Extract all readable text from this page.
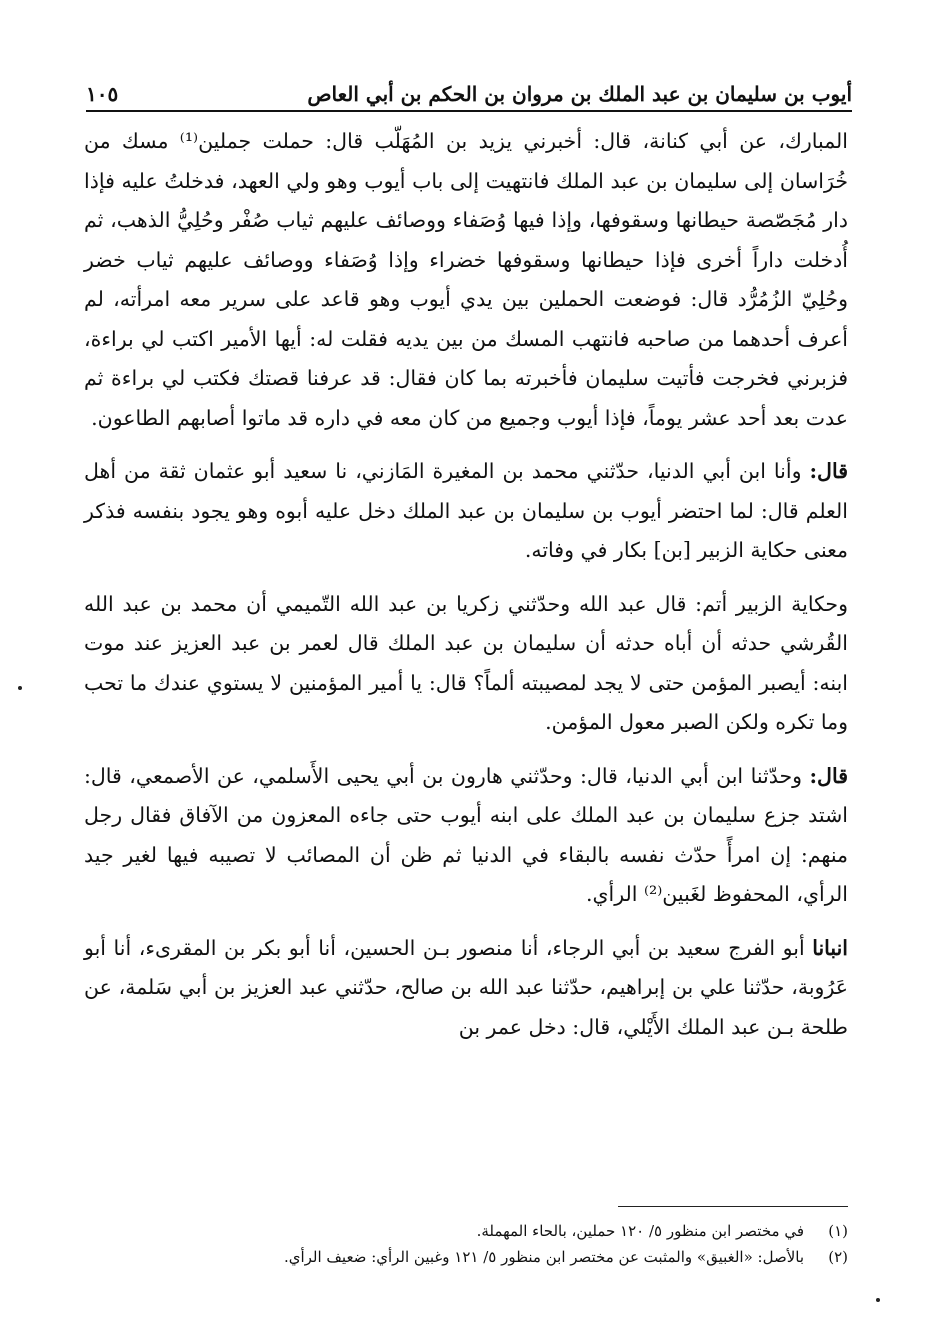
أيوب بن سليمان بن عبد الملك بن مروان بن الحكم بن أبي العاص
١٠٥

المبارك، عن أبي كنانة، قال: أخبرني يزيد بن المُهَلّب قال: حملت جملين⁽¹⁾ مسك من خُرَاسان إلى سليمان بن عبد الملك فانتهيت إلى باب أيوب وهو ولي العهد، فدخلتُ عليه فإذا دار مُجَصّصة حيطانها وسقوفها، وإذا فيها وُصَفاء ووصائف عليهم ثياب صُفْر وحُلِيُّ الذهب، ثم أُدخلت داراً أخرى فإذا حيطانها وسقوفها خضراء وإذا وُصَفاء ووصائف عليهم ثياب خضر وحُلِيّ الزُمُرُّد قال: فوضعت الحملين بين يدي أيوب وهو قاعد على سرير معه امرأته، لم أعرف أحدهما من صاحبه فانتهب المسك من بين يديه فقلت له: أيها الأمير اكتب لي براءة، فزبرني فخرجت فأتيت سليمان فأخبرته بما كان فقال: قد عرفنا قصتك فكتب لي براءة ثم عدت بعد أحد عشر يوماً، فإذا أيوب وجميع من كان معه في داره قد ماتوا أصابهم الطاعون.

قال: وأنا ابن أبي الدنيا، حدّثني محمد بن المغيرة المَازني، نا سعيد أبو عثمان ثقة من أهل العلم قال: لما احتضر أيوب بن سليمان بن عبد الملك دخل عليه أبوه وهو يجود بنفسه فذكر معنى حكاية الزبير [بن] بكار في وفاته.

وحكاية الزبير أتم: قال عبد الله وحدّثني زكريا بن عبد الله التّميمي أن محمد بن عبد الله القُرشي حدثه أن أباه حدثه أن سليمان بن عبد الملك قال لعمر بن عبد العزيز عند موت ابنه: أيصبر المؤمن حتى لا يجد لمصيبته ألماً؟ قال: يا أمير المؤمنين لا يستوي عندك ما تحب وما تكره ولكن الصبر معول المؤمن.

قال: وحدّثنا ابن أبي الدنيا، قال: وحدّثني هارون بن أبي يحيى الأَسلمي، عن الأصمعي، قال: اشتد جزع سليمان بن عبد الملك على ابنه أيوب حتى جاءه المعزون من الآفاق فقال رجل منهم: إن امرأً حدّث نفسه بالبقاء في الدنيا ثم ظن أن المصائب لا تصيبه فيها لغير جيد الرأي، المحفوظ لغَبين⁽²⁾ الرأي.

انبانا أبو الفرج سعيد بن أبي الرجاء، أنا منصور بـن الحسين، أنا أبو بكر بن المقرىء، أنا أبو عَرُوبة، حدّثنا علي بن إبراهيم، حدّثنا عبد الله بن صالح، حدّثني عبد العزيز بن أبي سَلمة، عن طلحة بـن عبد الملك الأَيْلي، قال: دخل عمر بن

(١)
في مختصر ابن منظور ٥/ ١٢٠ حملين، بالحاء المهملة.
(٢)
بالأصل: «الغبيق» والمثبت عن مختصر ابن منظور ٥/ ١٢١ وغبين الرأي: ضعيف الرأي.
